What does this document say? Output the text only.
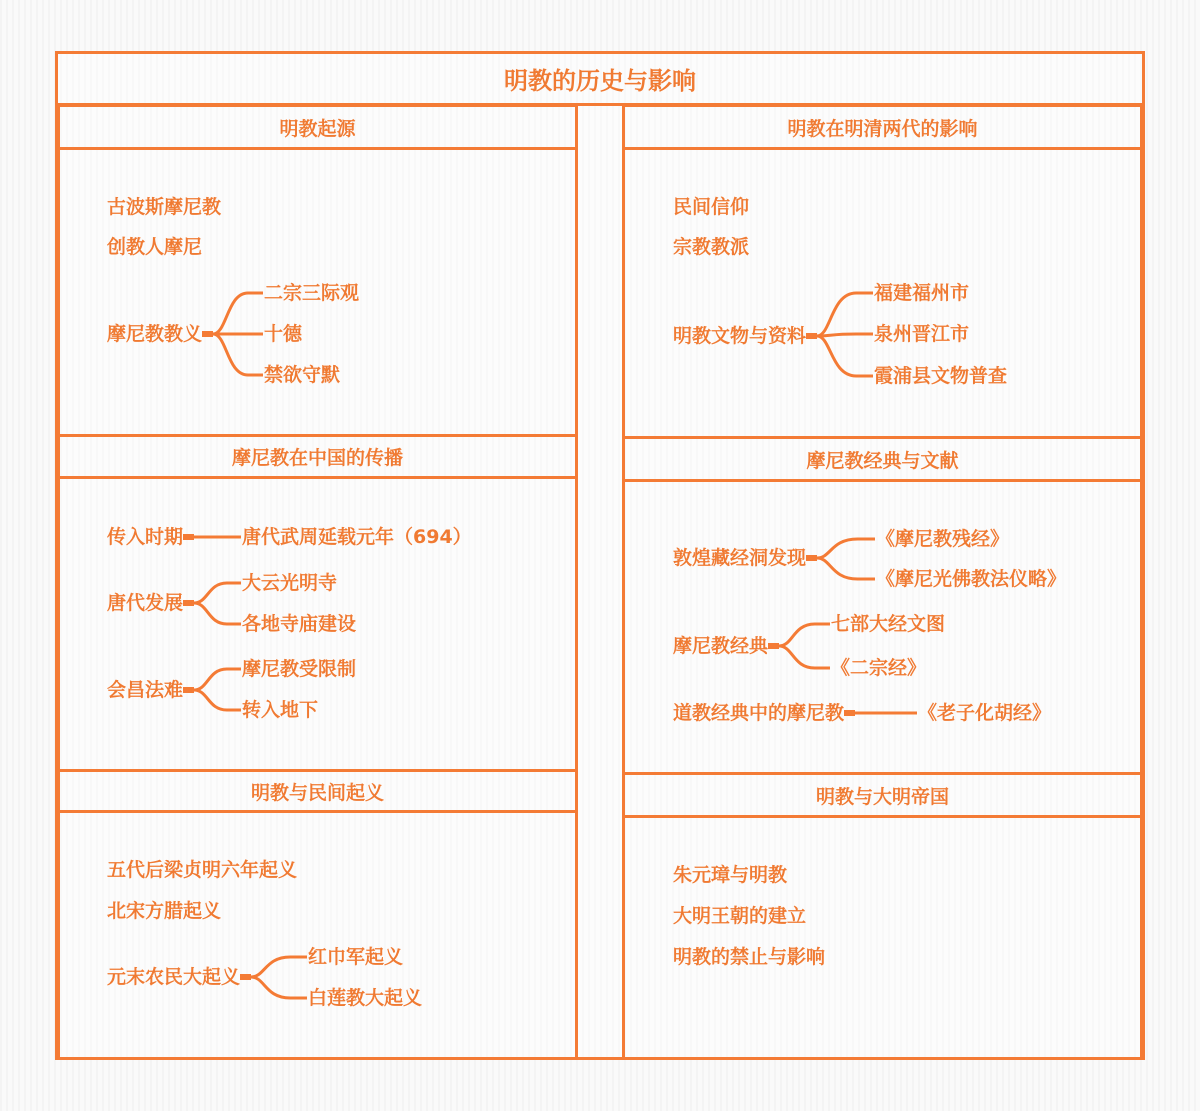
明教的历史与影响
明教起源
摩尼教在中国的传播
明教与民间起义
明教在明清两代的影响
摩尼教经典与文献
明教与大明帝国
古波斯摩尼教
创教人摩尼
摩尼教教义
二宗三际观
十德
禁欲守默
传入时期	唐代武周延载元年（694）
唐代发展
大云光明寺
各地寺庙建设
会昌法难
摩尼教受限制
转入地下
五代后梁贞明六年起义
北宋方腊起义
元末农民大起义
红巾军起义
白莲教大起义
民间信仰
宗教教派
明教文物与资料
福建福州市
泉州晋江市
霞浦县文物普查
敦煌藏经洞发现
《摩尼教残经》
《摩尼光佛教法仪略》
摩尼教经典
七部大经文图
《二宗经》
道教经典中的摩尼教	《老子化胡经》
朱元璋与明教
大明王朝的建立
明教的禁止与影响
